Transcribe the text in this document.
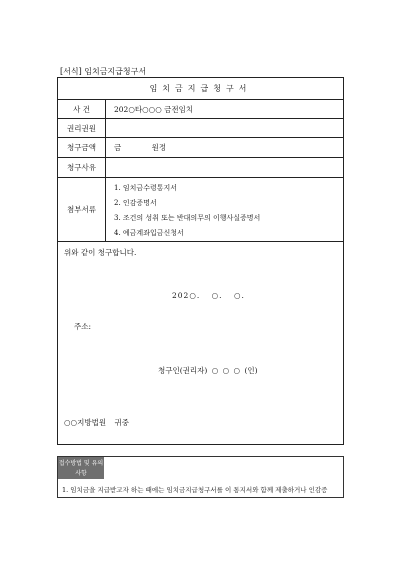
[서식] 임치금지급청구서
임치금지급청구서
사 건	202○타○○○ 금전임치
권리권원
청구금액	금 원정
청구사유
첨부서류
1. 임치금수령통지서
2. 인감증명서
3. 조건의 성취 또는 반대의무의 이행사실증명서
4. 예금계좌입금신청서
위와 같이 청구합니다.
202○. ○. ○.
주소:
청구인(권리자) ○ ○ ○ (인)
○○지방법원 귀중
접수방법 및 유의사항
1. 임치금을 지급받고자 하는 때에는 임치금지급청구서를 이 통지서와 함께 제출하거나 인감증
